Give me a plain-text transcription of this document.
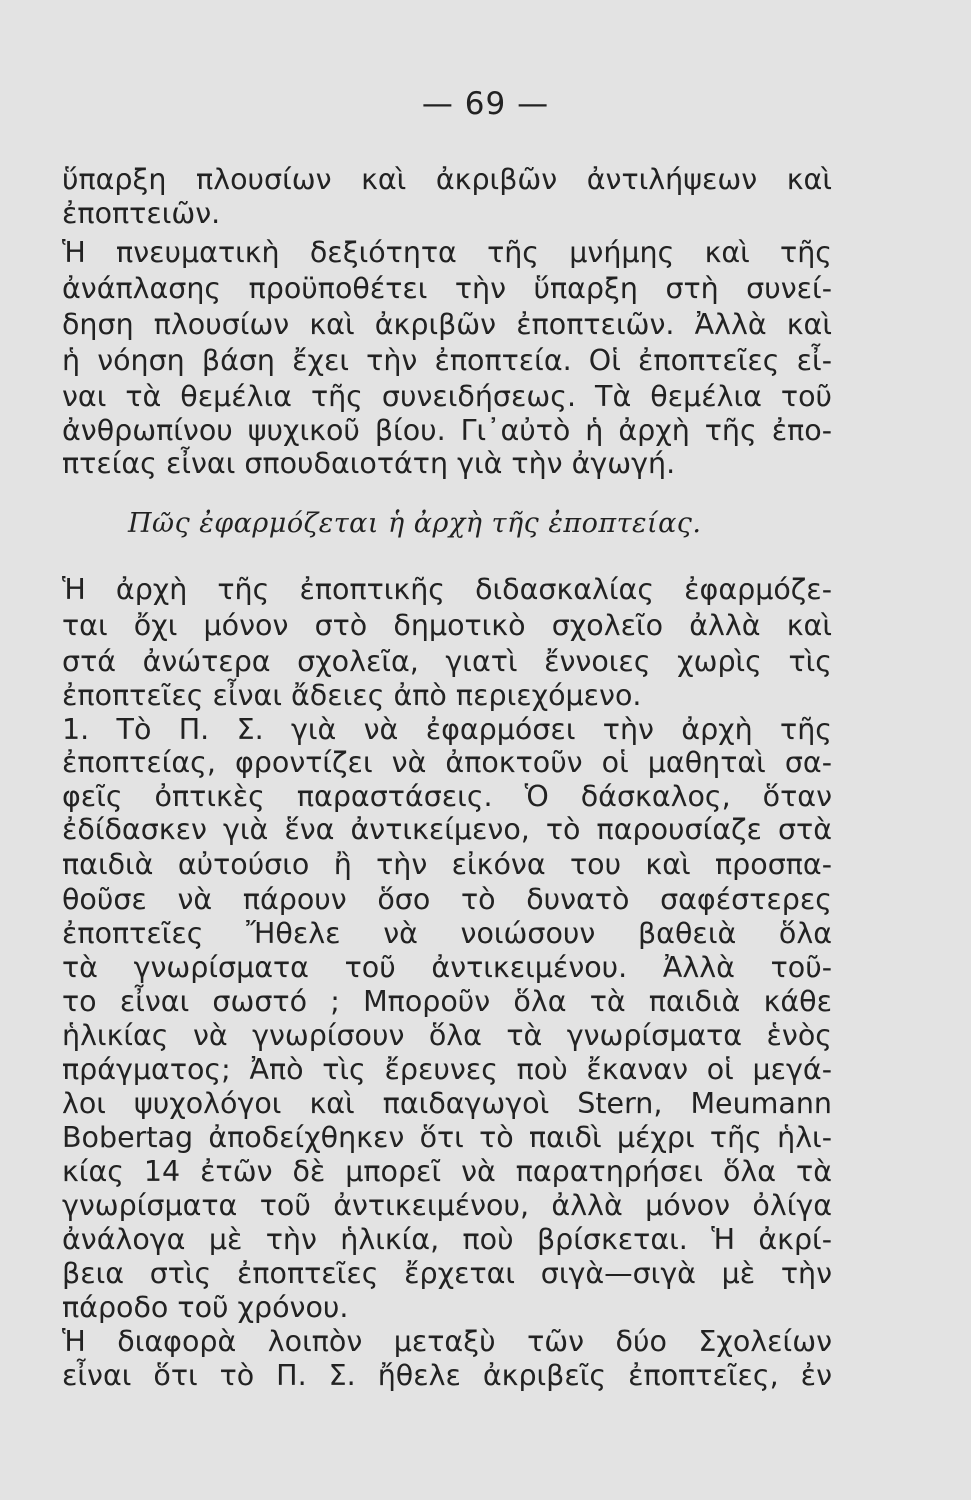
— 69 —
ὕπαρξη πλουσίων καὶ ἀκριβῶν ἀντιλήψεων καὶ
ἐποπτειῶν.
Ἡ πνευματικὴ δεξιότητα τῆς μνήμης καὶ τῆς
ἀνάπλασης προϋποθέτει τὴν ὕπαρξη στὴ συνεί-
δηση πλουσίων καὶ ἀκριβῶν ἐποπτειῶν. Ἀλλὰ καὶ
ἡ νόηση βάση ἔχει τὴν ἐποπτεία. Οἱ ἐποπτεῖες εἶ-
ναι τὰ θεμέλια τῆς συνειδήσεως. Τὰ θεμέλια τοῦ
ἀνθρωπίνου ψυχικοῦ βίου. Γι᾿αὐτὸ ἡ ἀρχὴ τῆς ἐπο-
πτείας εἶναι σπουδαιοτάτη γιὰ τὴν ἀγωγή.
Πῶς ἐφαρμόζεται ἡ ἀρχὴ τῆς ἐποπτείας.
Ἡ ἀρχὴ τῆς ἐποπτικῆς διδασκαλίας ἐφαρμόζε-
ται ὄχι μόνον στὸ δημοτικὸ σχολεῖο ἀλλὰ καὶ
στά ἀνώτερα σχολεῖα, γιατὶ ἔννοιες χωρὶς τὶς
ἐποπτεῖες εἶναι ἄδειες ἀπὸ περιεχόμενο.
1. Τὸ Π. Σ. γιὰ νὰ ἐφαρμόσει τὴν ἀρχὴ τῆς
ἐποπτείας, φροντίζει νὰ ἀποκτοῦν οἱ μαθηταὶ σα-
φεῖς ὀπτικὲς παραστάσεις. Ὁ δάσκαλος, ὅταν
ἐδίδασκεν γιὰ ἕνα ἀντικείμενο, τὸ παρουσίαζε στὰ
παιδιὰ αὐτούσιο ἢ τὴν εἰκόνα του καὶ προσπα-
θοῦσε νὰ πάρουν ὅσο τὸ δυνατὸ σαφέστερες
ἐποπτεῖες Ἤθελε νὰ νοιώσουν βαθειὰ ὅλα
τὰ γνωρίσματα τοῦ ἀντικειμένου. Ἀλλὰ τοῦ-
το εἶναι σωστό ; Μποροῦν ὅλα τὰ παιδιὰ κάθε
ἡλικίας νὰ γνωρίσουν ὅλα τὰ γνωρίσματα ἑνὸς
πράγματος; Ἀπὸ τὶς ἔρευνες ποὺ ἔκαναν οἱ μεγά-
λοι ψυχολόγοι καὶ παιδαγωγοὶ Stern, Meumann
Bobertag ἀποδείχθηκεν ὅτι τὸ παιδὶ μέχρι τῆς ἡλι-
κίας 14 ἐτῶν δὲ μπορεῖ νὰ παρατηρήσει ὅλα τὰ
γνωρίσματα τοῦ ἀντικειμένου, ἀλλὰ μόνον ὀλίγα
ἀνάλογα μὲ τὴν ἡλικία, ποὺ βρίσκεται. Ἡ ἀκρί-
βεια στὶς ἐποπτεῖες ἔρχεται σιγὰ—σιγὰ μὲ τὴν
πάροδο τοῦ χρόνου.
Ἡ διαφορὰ λοιπὸν μεταξὺ τῶν δύο Σχολείων
εἶναι ὅτι τὸ Π. Σ. ἤθελε ἀκριβεῖς ἐποπτεῖες, ἐν
